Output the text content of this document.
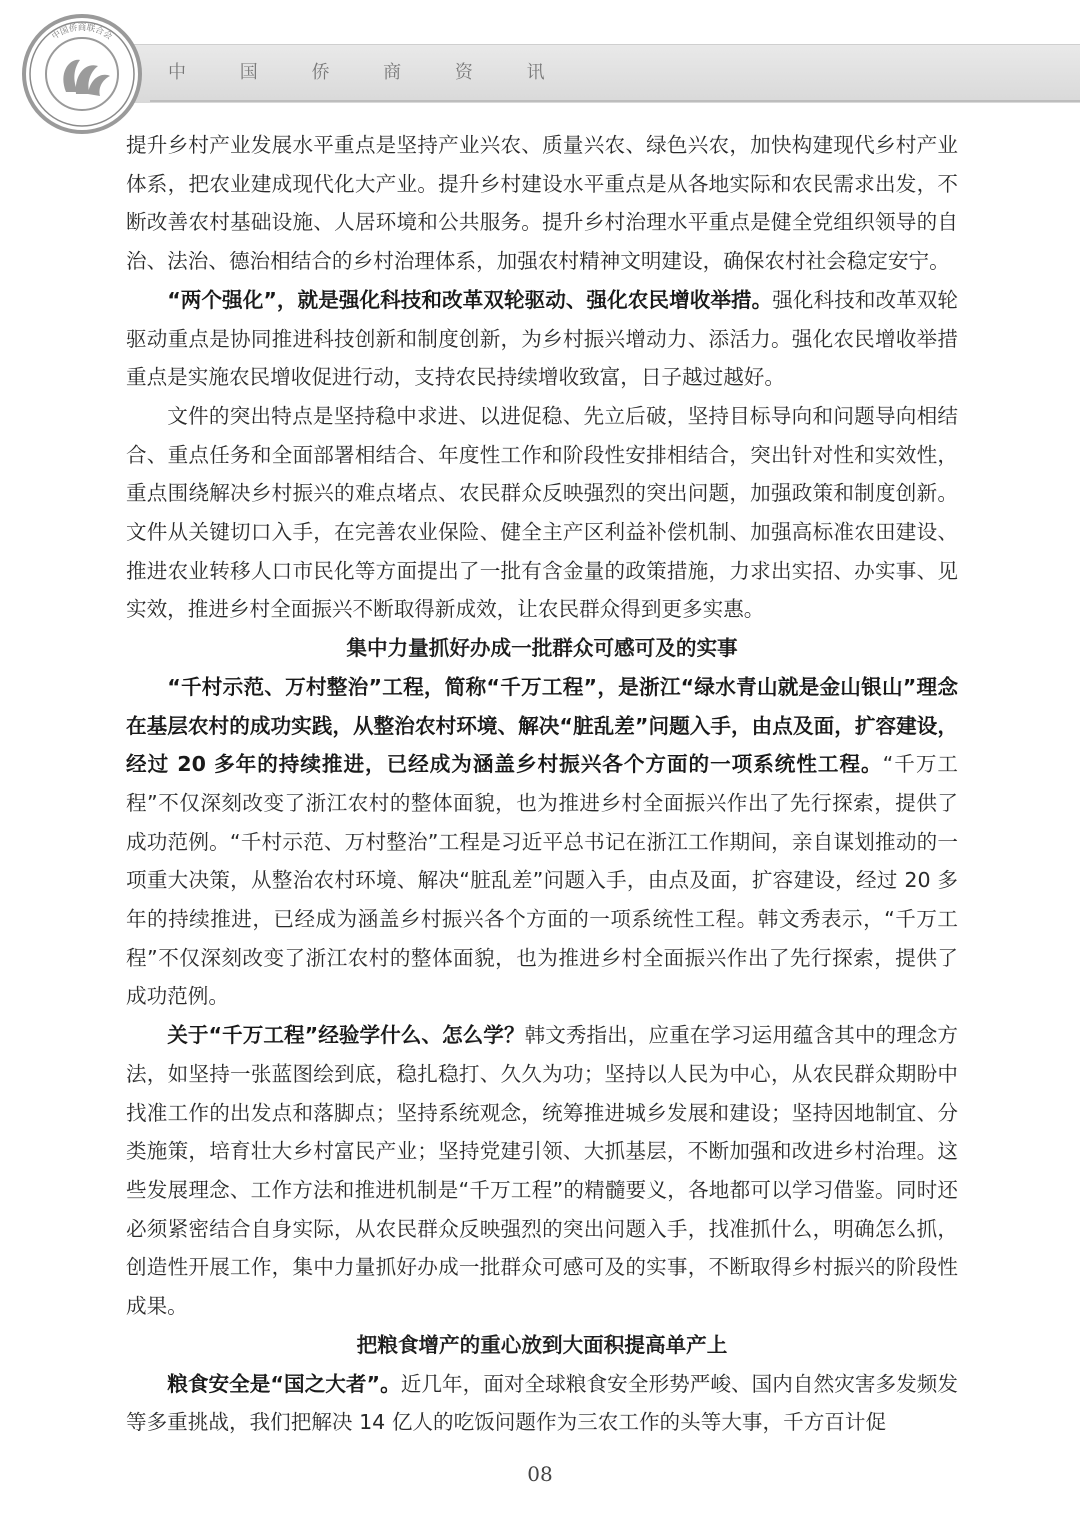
中国侨商联合会
中 国 侨 商 资 讯

提升乡村产业发展水平重点是坚持产业兴农、质量兴农、绿色兴农，加快构建现代乡村产业体系，把农业建成现代化大产业。提升乡村建设水平重点是从各地实际和农民需求出发，不断改善农村基础设施、人居环境和公共服务。提升乡村治理水平重点是健全党组织领导的自治、法治、德治相结合的乡村治理体系，加强农村精神文明建设，确保农村社会稳定安宁。

“两个强化”，就是强化科技和改革双轮驱动、强化农民增收举措。强化科技和改革双轮驱动重点是协同推进科技创新和制度创新，为乡村振兴增动力、添活力。强化农民增收举措重点是实施农民增收促进行动，支持农民持续增收致富，日子越过越好。

文件的突出特点是坚持稳中求进、以进促稳、先立后破，坚持目标导向和问题导向相结合、重点任务和全面部署相结合、年度性工作和阶段性安排相结合，突出针对性和实效性，重点围绕解决乡村振兴的难点堵点、农民群众反映强烈的突出问题，加强政策和制度创新。文件从关键切口入手，在完善农业保险、健全主产区利益补偿机制、加强高标准农田建设、推进农业转移人口市民化等方面提出了一批有含金量的政策措施，力求出实招、办实事、见实效，推进乡村全面振兴不断取得新成效，让农民群众得到更多实惠。

集中力量抓好办成一批群众可感可及的实事

“千村示范、万村整治”工程，简称“千万工程”，是浙江“绿水青山就是金山银山”理念在基层农村的成功实践，从整治农村环境、解决“脏乱差”问题入手，由点及面，扩容建设，经过 20 多年的持续推进，已经成为涵盖乡村振兴各个方面的一项系统性工程。“千万工程”不仅深刻改变了浙江农村的整体面貌，也为推进乡村全面振兴作出了先行探索，提供了成功范例。“千村示范、万村整治”工程是习近平总书记在浙江工作期间，亲自谋划推动的一项重大决策，从整治农村环境、解决“脏乱差”问题入手，由点及面，扩容建设，经过 20 多年的持续推进，已经成为涵盖乡村振兴各个方面的一项系统性工程。韩文秀表示，“千万工程”不仅深刻改变了浙江农村的整体面貌，也为推进乡村全面振兴作出了先行探索，提供了成功范例。

关于“千万工程”经验学什么、怎么学？韩文秀指出，应重在学习运用蕴含其中的理念方法，如坚持一张蓝图绘到底，稳扎稳打、久久为功；坚持以人民为中心，从农民群众期盼中找准工作的出发点和落脚点；坚持系统观念，统筹推进城乡发展和建设；坚持因地制宜、分类施策，培育壮大乡村富民产业；坚持党建引领、大抓基层，不断加强和改进乡村治理。这些发展理念、工作方法和推进机制是“千万工程”的精髓要义，各地都可以学习借鉴。同时还必须紧密结合自身实际，从农民群众反映强烈的突出问题入手，找准抓什么，明确怎么抓，创造性开展工作，集中力量抓好办成一批群众可感可及的实事，不断取得乡村振兴的阶段性成果。

把粮食增产的重心放到大面积提高单产上

粮食安全是“国之大者”。近几年，面对全球粮食安全形势严峻、国内自然灾害多发频发等多重挑战，我们把解决 14 亿人的吃饭问题作为三农工作的头等大事，千方百计促

08
